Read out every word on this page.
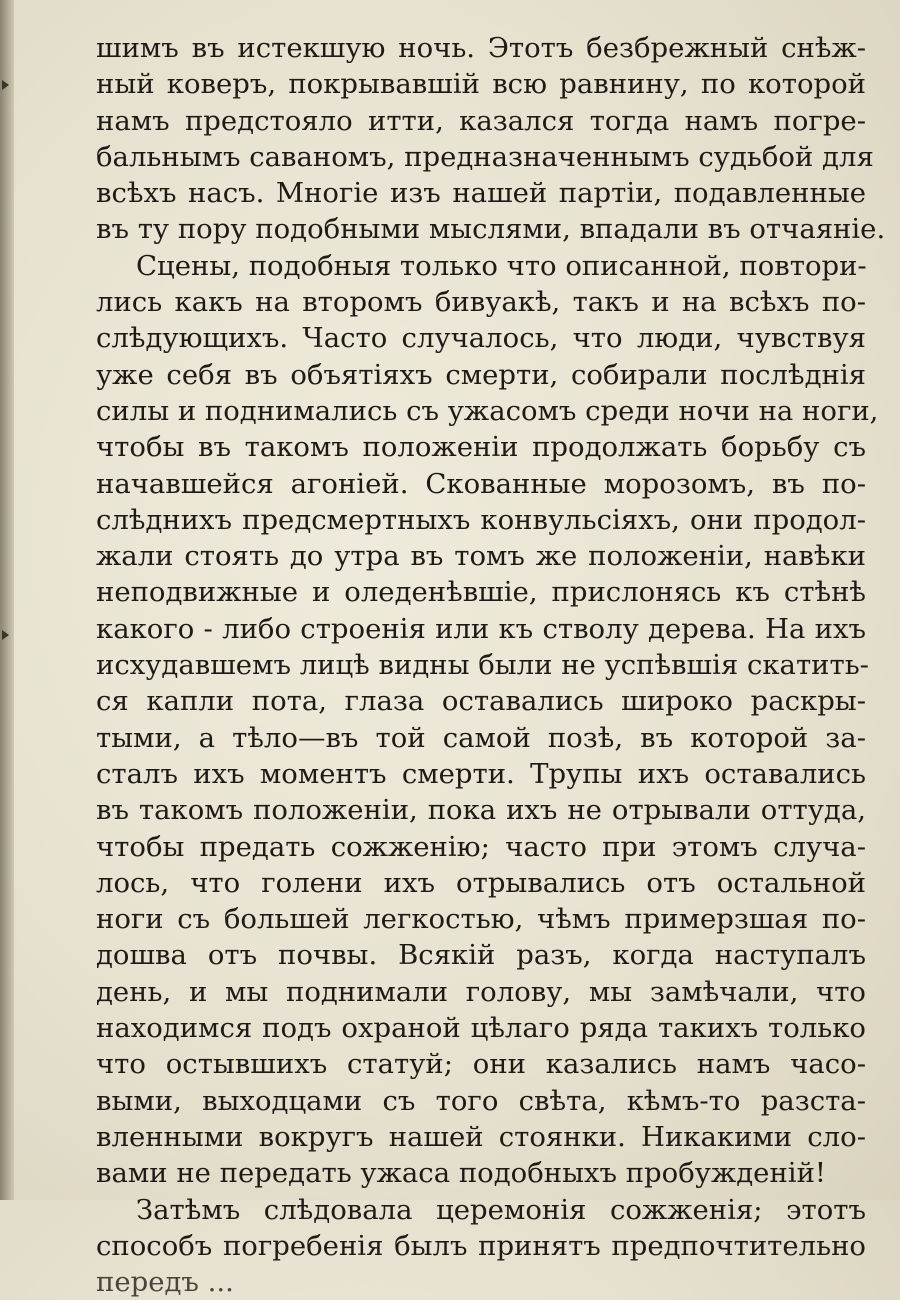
шимъ въ истекшую ночь. Этотъ безбрежный снѣж-
ный коверъ, покрывавшій всю равнину, по которой
намъ предстояло итти, казался тогда намъ погре-
бальнымъ саваномъ, предназначеннымъ судьбой для
всѣхъ насъ. Многіе изъ нашей партіи, подавленные
въ ту пору подобными мыслями, впадали въ отчаяніе.
Сцены, подобныя только что описанной, повтори-
лись какъ на второмъ бивуакѣ, такъ и на всѣхъ по-
слѣдующихъ. Часто случалось, что люди, чувствуя
уже себя въ объятіяхъ смерти, собирали послѣднія
силы и поднимались съ ужасомъ среди ночи на ноги,
чтобы въ такомъ положеніи продолжать борьбу съ
начавшейся агоніей. Скованные морозомъ, въ по-
слѣднихъ предсмертныхъ конвульсіяхъ, они продол-
жали стоять до утра въ томъ же положеніи, навѣки
неподвижные и оледенѣвшіе, прислонясь къ стѣнѣ
какого - либо строенія или къ стволу дерева. На ихъ
исхудавшемъ лицѣ видны были не успѣвшія скатить-
ся капли пота, глаза оставались широко раскры-
тыми, а тѣло—въ той самой позѣ, въ которой за-
сталъ ихъ моментъ смерти. Трупы ихъ оставались
въ такомъ положеніи, пока ихъ не отрывали оттуда,
чтобы предать сожженію; часто при этомъ случа-
лось, что голени ихъ отрывались отъ остальной
ноги съ большей легкостью, чѣмъ примерзшая по-
дошва отъ почвы. Всякій разъ, когда наступалъ
день, и мы поднимали голову, мы замѣчали, что
находимся подъ охраной цѣлаго ряда такихъ только
что остывшихъ статуй; они казались намъ часо-
выми, выходцами съ того свѣта, кѣмъ-то разста-
вленными вокругъ нашей стоянки. Никакими сло-
вами не передать ужаса подобныхъ пробужденій!
Затѣмъ слѣдовала церемонія сожженія; этотъ
способъ погребенія былъ принятъ предпочтительно
передъ ...
